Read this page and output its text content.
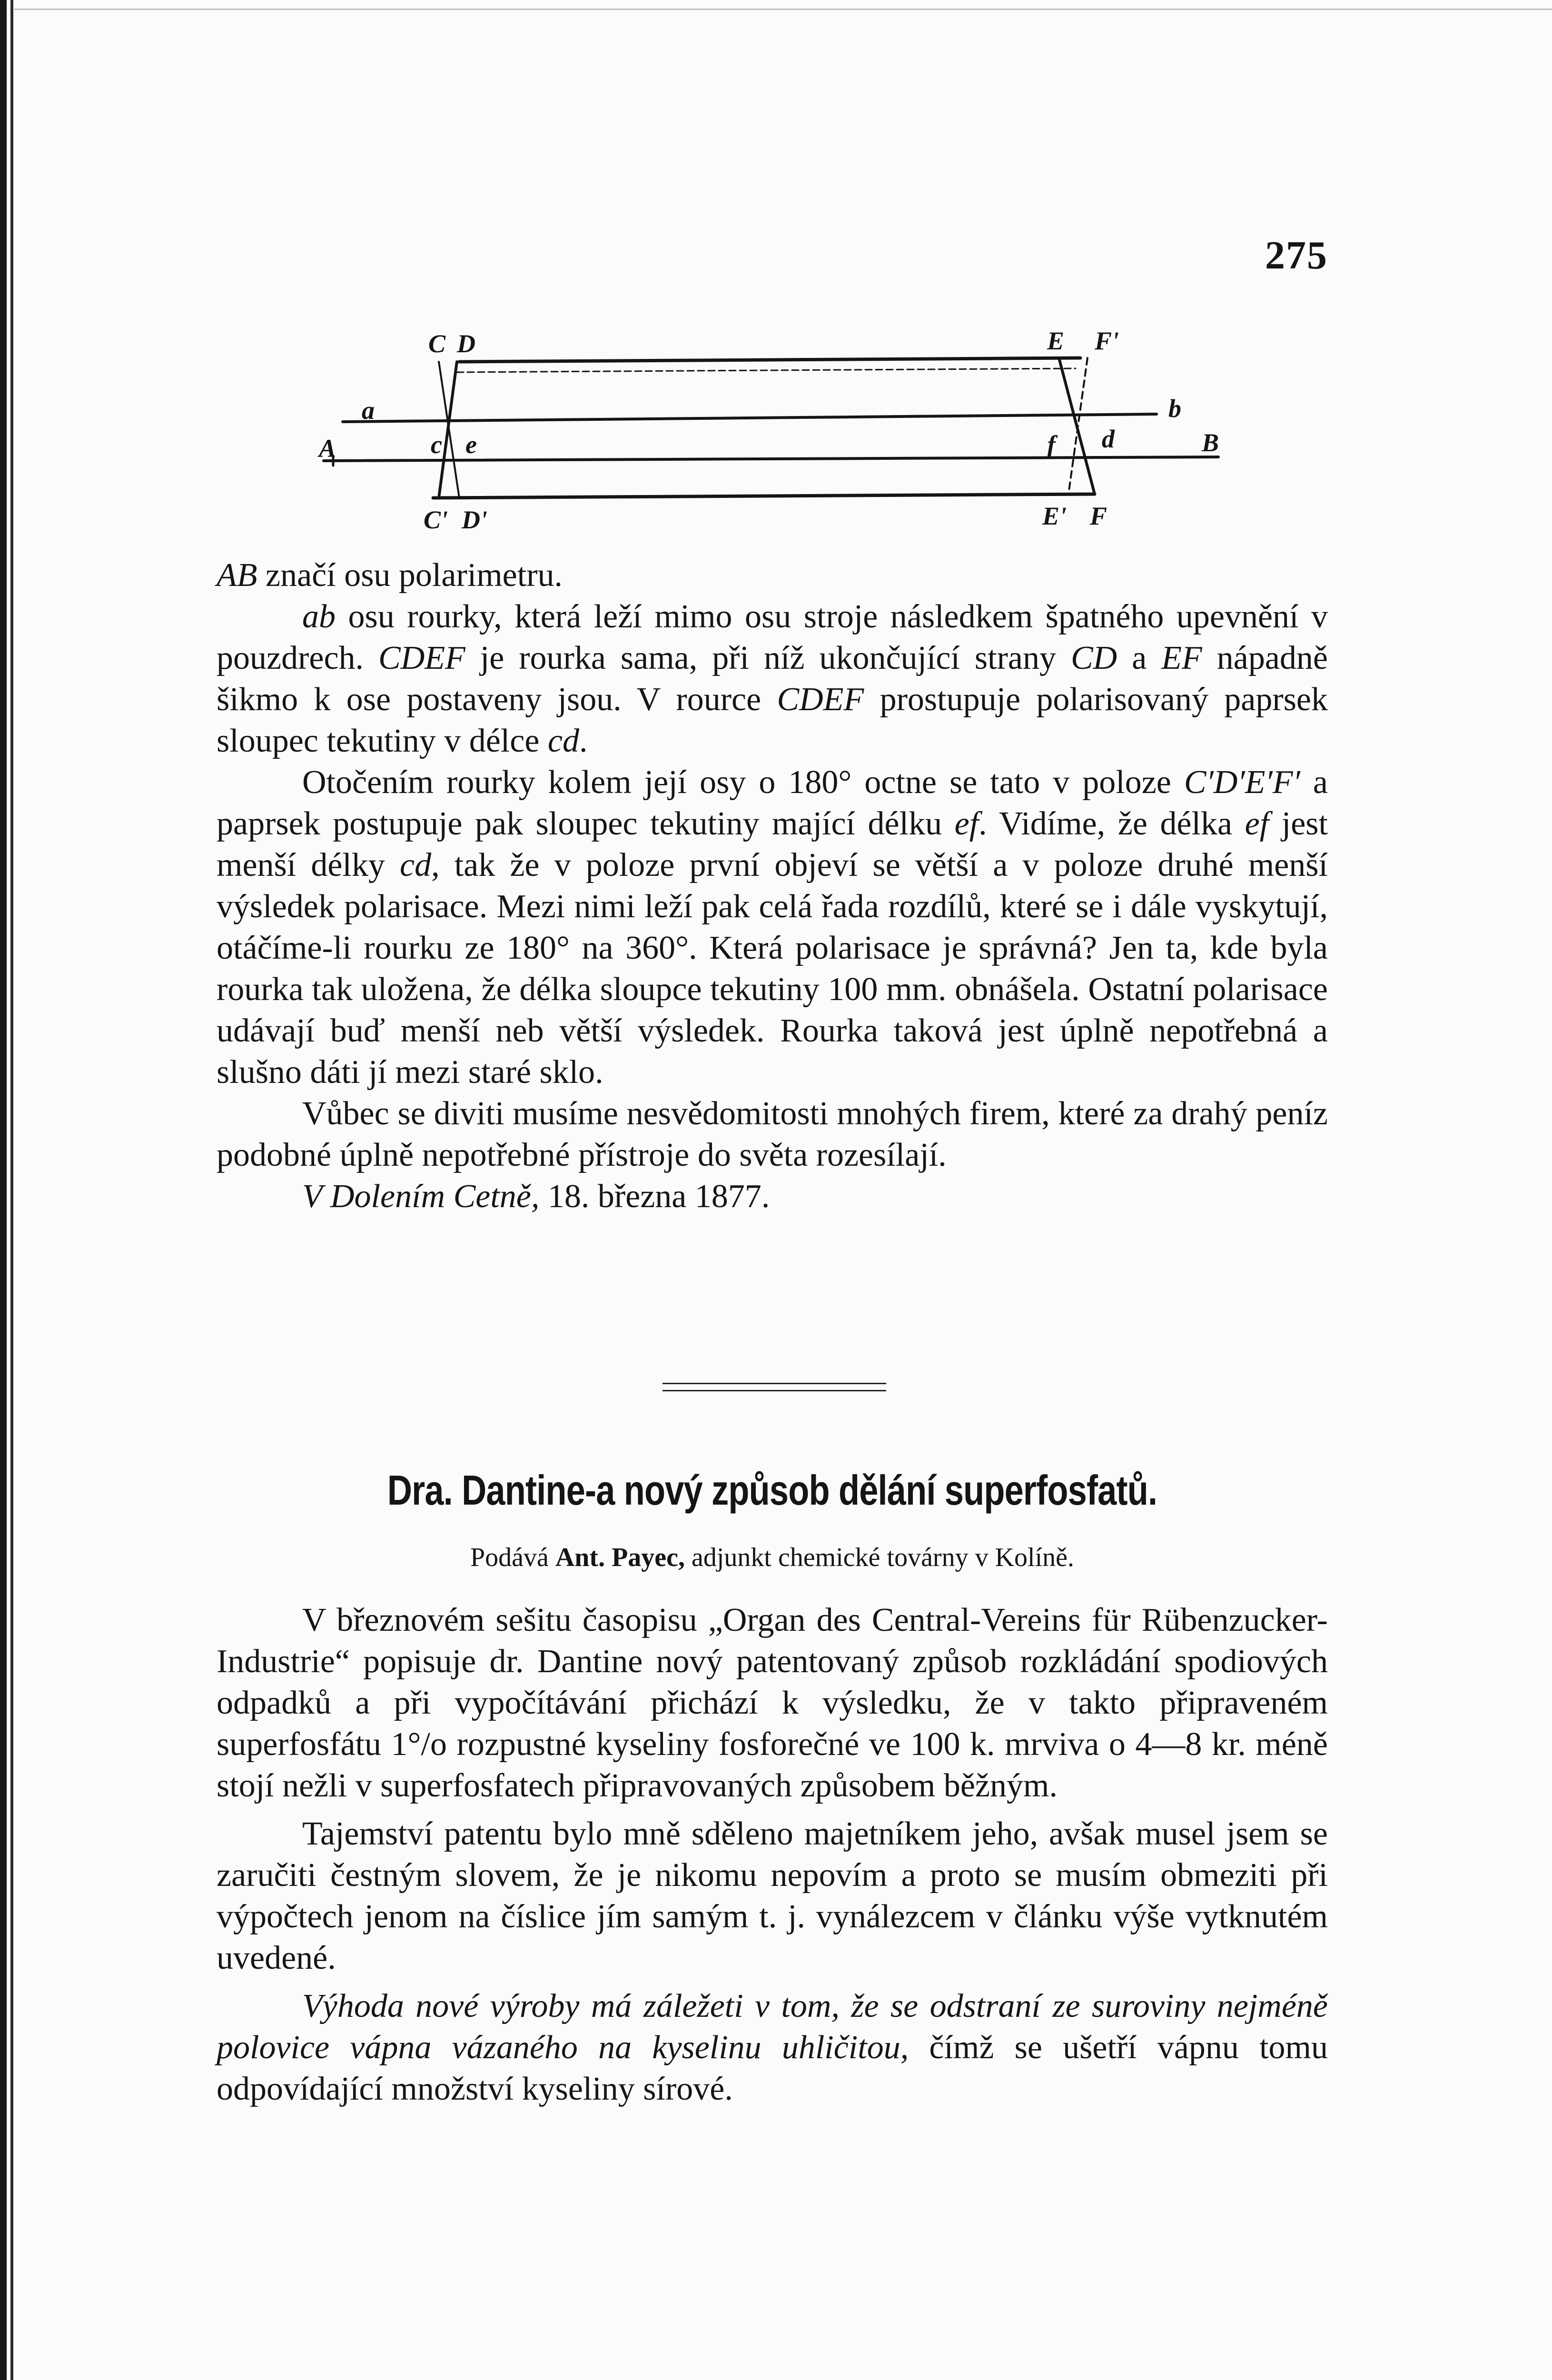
275
C D	E F'
A
a
c e	f d
b
B
C' D'	E' F

AB značí osu polarimetru.

ab osu rourky, která leží mimo osu stroje následkem špatného upevnění v pouzdrech. CDEF je rourka sama, při níž ukončující strany CD a EF nápadně šikmo k ose postaveny jsou. V rource CDEF prostupuje polarisovaný paprsek sloupec tekutiny v délce cd.

Otočením rourky kolem její osy o 180° octne se tato v poloze C′D′E′F′ a paprsek postupuje pak sloupec tekutiny mající délku ef. Vidíme, že délka ef jest menší délky cd, tak že v poloze první objeví se větší a v poloze druhé menší výsledek polarisace. Mezi nimi leží pak celá řada rozdílů, které se i dále vyskytují, otáčíme-li rourku ze 180° na 360°. Která polarisace je správná? Jen ta, kde byla rourka tak uložena, že délka sloupce tekutiny 100 mm. obnášela. Ostatní polarisace udávají buď menší neb větší výsledek. Rourka taková jest úplně nepotřebná a slušno dáti jí mezi staré sklo.

Vůbec se diviti musíme nesvědomitosti mnohých firem, které za drahý peníz podobné úplně nepotřebné přístroje do světa rozesílají.

V Dolením Cetně, 18. března 1877.

Dra. Dantine-a nový způsob dělání superfosfatů.
Podává Ant. Payec, adjunkt chemické továrny v Kolíně.

V březnovém sešitu časopisu „Organ des Central-Vereins für Rübenzucker-Industrie“ popisuje dr. Dantine nový patentovaný způsob rozkládání spodiových odpadků a při vypočítávání přichází k výsledku, že v takto připraveném superfosfátu 1°/o rozpustné kyseliny fosforečné ve 100 k. mrviva o 4—8 kr. méně stojí nežli v superfosfatech připravovaných způsobem běžným.

Tajemství patentu bylo mně sděleno majetníkem jeho, avšak musel jsem se zaručiti čestným slovem, že je nikomu nepovím a proto se musím obmeziti při výpočtech jenom na číslice jím samým t. j. vynálezcem v článku výše vytknutém uvedené.

Výhoda nové výroby má záležeti v tom, že se odstraní ze suroviny nejméně polovice vápna vázaného na kyselinu uhličitou, čímž se ušetří vápnu tomu odpovídající množství kyseliny sírové.
